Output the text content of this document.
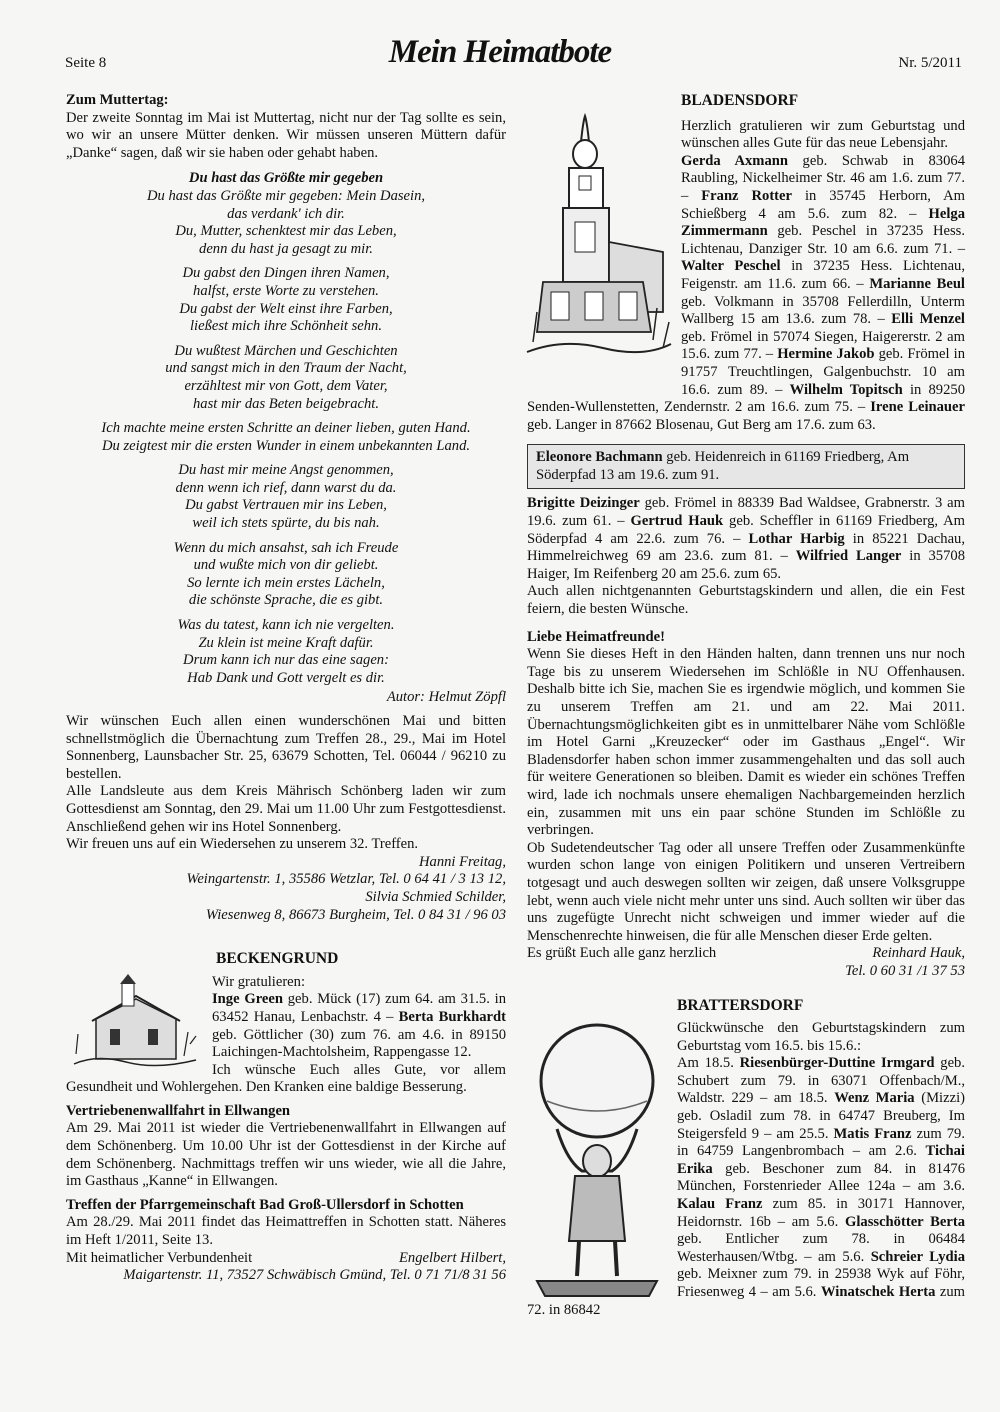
Seite 8	Mein Heimatbote	Nr. 5/2011
Zum Muttertag:

Der zweite Sonntag im Mai ist Muttertag, nicht nur der Tag sollte es sein, wo wir an unsere Mütter denken. Wir müssen unseren Müttern dafür „Danke“ sagen, daß wir sie haben oder gehabt haben.

Du hast das Größte mir gegeben
Du hast das Größte mir gegeben: Mein Dasein,
das verdank' ich dir.
Du, Mutter, schenktest mir das Leben,
denn du hast ja gesagt zu mir.
Du gabst den Dingen ihren Namen,
halfst, erste Worte zu verstehen.
Du gabst der Welt einst ihre Farben,
ließest mich ihre Schönheit sehn.
Du wußtest Märchen und Geschichten
und sangst mich in den Traum der Nacht,
erzähltest mir von Gott, dem Vater,
hast mir das Beten beigebracht.
Ich machte meine ersten Schritte an deiner lieben, guten Hand.
Du zeigtest mir die ersten Wunder in einem unbekannten Land.
Du hast mir meine Angst genommen,
denn wenn ich rief, dann warst du da.
Du gabst Vertrauen mir ins Leben,
weil ich stets spürte, du bis nah.
Wenn du mich ansahst, sah ich Freude
und wußte mich von dir geliebt.
So lernte ich mein erstes Lächeln,
die schönste Sprache, die es gibt.
Was du tatest, kann ich nie vergelten.
Zu klein ist meine Kraft dafür.
Drum kann ich nur das eine sagen:
Hab Dank und Gott vergelt es dir.
Autor: Helmut Zöpfl

Wir wünschen Euch allen einen wunderschönen Mai und bitten schnellstmöglich die Übernachtung zum Treffen 28., 29., Mai im Hotel Sonnenberg, Launsbacher Str. 25, 63679 Schotten, Tel. 06044 / 96210 zu bestellen.

Alle Landsleute aus dem Kreis Mährisch Schönberg laden wir zum Gottesdienst am Sonntag, den 29. Mai um 11.00 Uhr zum Festgottesdienst. Anschließend gehen wir ins Hotel Sonnenberg.

Wir freuen uns auf ein Wiedersehen zu unserem 32. Treffen.

Hanni Freitag,
Weingartenstr. 1, 35586 Wetzlar, Tel. 0 64 41 / 3 13 12,
Silvia Schmied Schilder,
Wiesenweg 8, 86673 Burgheim, Tel. 0 84 31 / 96 03
BECKENGRUND
Wir gratulieren:
Inge Green geb. Mück (17) zum 64. am 31.5. in 63452 Hanau, Lenbachstr. 4 – Berta Burkhardt geb. Göttlicher (30) zum 76. am 4.6. in 89150 Laichingen-Machtolsheim, Rappengasse 12.
Ich wünsche Euch alles Gute, vor allem Gesundheit und Wohlergehen. Den Kranken eine baldige Besserung.
Vertriebenenwallfahrt in Ellwangen

Am 29. Mai 2011 ist wieder die Vertriebenenwallfahrt in Ellwangen auf dem Schönenberg. Um 10.00 Uhr ist der Gottesdienst in der Kirche auf dem Schönenberg. Nachmittags treffen wir uns wieder, wie all die Jahre, im Gasthaus „Kanne“ in Ellwangen.

Treffen der Pfarrgemeinschaft Bad Groß-Ullersdorf in Schotten

Am 28./29. Mai 2011 findet das Heimattreffen in Schotten statt. Näheres im Heft 1/2011, Seite 13.

Mit heimatlicher Verbundenheit	Engelbert Hilbert,
Maigartenstr. 11, 73527 Schwäbisch Gmünd, Tel. 0 71 71/8 31 56
BLADENSDORF

Herzlich gratulieren wir zum Geburtstag und wünschen alles Gute für das neue Lebensjahr.

Gerda Axmann geb. Schwab in 83064 Raubling, Nickelheimer Str. 46 am 1.6. zum 77. – Franz Rotter in 35745 Herborn, Am Schießberg 4 am 5.6. zum 82. – Helga Zimmermann geb. Peschel in 37235 Hess. Lichtenau, Danziger Str. 10 am 6.6. zum 71. – Walter Peschel in 37235 Hess. Lichtenau, Feigenstr. am 11.6. zum 66. – Marianne Beul geb. Volkmann in 35708 Fellerdilln, Unterm Wallberg 15 am 13.6. zum 78. – Elli Menzel geb. Frömel in 57074 Siegen, Haigererstr. 2 am 15.6. zum 77. – Hermine Jakob geb. Frömel in 91757 Treuchtlingen, Galgenbuchstr. 10 am 16.6. zum 89. – Wilhelm Topitsch in 89250 Senden-Wullenstetten, Zendernstr. 2 am 16.6. zum 75. – Irene Leinauer geb. Langer in 87662 Blosenau, Gut Berg am 17.6. zum 63.

Eleonore Bachmann geb. Heidenreich in 61169 Friedberg, Am Söderpfad 13 am 19.6. zum 91.

Brigitte Deizinger geb. Frömel in 88339 Bad Waldsee, Grabnerstr. 3 am 19.6. zum 61. – Gertrud Hauk geb. Scheffler in 61169 Friedberg, Am Söderpfad 4 am 22.6. zum 76. – Lothar Harbig in 85221 Dachau, Himmelreichweg 69 am 23.6. zum 81. – Wilfried Langer in 35708 Haiger, Im Reifenberg 20 am 25.6. zum 65.

Auch allen nichtgenannten Geburtstagskindern und allen, die ein Fest feiern, die besten Wünsche.

Liebe Heimatfreunde!

Wenn Sie dieses Heft in den Händen halten, dann trennen uns nur noch Tage bis zu unserem Wiedersehen im Schlößle in NU Offenhausen. Deshalb bitte ich Sie, machen Sie es irgendwie möglich, und kommen Sie zu unserem Treffen am 21. und am 22. Mai 2011. Übernachtungsmöglichkeiten gibt es in unmittelbarer Nähe vom Schlößle im Hotel Garni „Kreuzecker“ oder im Gasthaus „Engel“. Wir Bladensdorfer haben schon immer zusammengehalten und das soll auch für weitere Generationen so bleiben. Damit es wieder ein schönes Treffen wird, lade ich nochmals unsere ehemaligen Nachbargemeinden herzlich ein, zusammen mit uns ein paar schöne Stunden im Schlößle zu verbringen.

Ob Sudetendeutscher Tag oder all unsere Treffen oder Zusammenkünfte wurden schon lange von einigen Politikern und unseren Vertreibern totgesagt und auch deswegen sollten wir zeigen, daß unsere Volksgruppe lebt, wenn auch viele nicht mehr unter uns sind. Auch sollten wir über das uns zugefügte Unrecht nicht schweigen und immer wieder auf die Menschenrechte hinweisen, die für alle Menschen dieser Erde gelten.

Es grüßt Euch alle ganz herzlich	Reinhard Hauk,
Tel. 0 60 31 /1 37 53
BRATTERSDORF

Glückwünsche den Geburtstagskindern zum Geburtstag vom 16.5. bis 15.6.:

Am 18.5. Riesenbürger-Duttine Irmgard geb. Schubert zum 79. in 63071 Offenbach/M., Waldstr. 229 – am 18.5. Wenz Maria (Mizzi) geb. Osladil zum 78. in 64747 Breuberg, Im Steigersfeld 9 – am 25.5. Matis Franz zum 79. in 64759 Langenbrombach – am 2.6. Tichai Erika geb. Beschoner zum 84. in 81476 München, Forstenrieder Allee 124a – am 3.6. Kalau Franz zum 85. in 30171 Hannover, Heidornstr. 16b – am 5.6. Glasschötter Berta geb. Entlicher zum 78. in 06484 Westerhausen/Wtbg. – am 5.6. Schreier Lydia geb. Meixner zum 79. in 25938 Wyk auf Föhr, Friesenweg 4 – am 5.6. Winatschek Herta zum 72. in 86842
